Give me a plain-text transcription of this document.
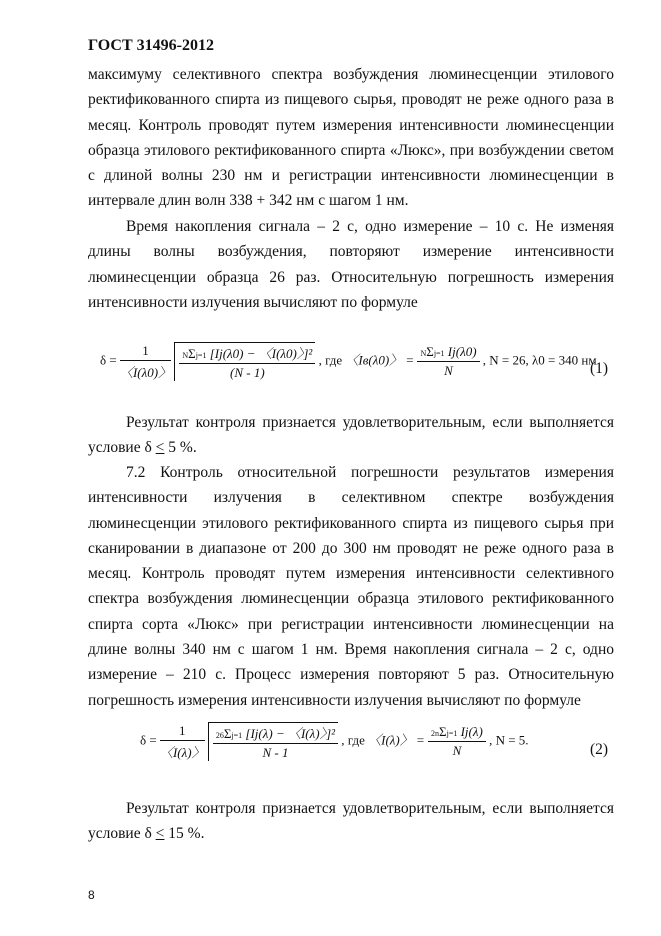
ГОСТ 31496-2012
максимуму селективного спектра возбуждения люминесценции этилового ректификованного спирта из пищевого сырья, проводят не реже одного раза в месяц. Контроль проводят путем измерения интенсивности люминесценции образца этилового ректификованного спирта «Люкс», при возбуждении светом с длиной волны 230 нм и регистрации интенсивности люминесценции в интервале длин волн 338 + 342 нм с шагом 1 нм.
Время накопления сигнала – 2 с, одно измерение – 10 с. Не изменяя длины волны возбуждения, повторяют измерение интенсивности люминесценции образца 26 раз. Относительную погрешность измерения интенсивности излучения вычисляют по формуле
$\delta = \frac{1}{〈I(\lambda 0)〉}$
$\frac{\text{NΣj=1 [Ij(λ0) − 〈I(λ0)〉]²}}{(N - 1)}$ , где 〈Iв(λ0)〉 = $\frac{\text{NΣj=1 Ij(λ0)}}{N}$ , N = 26, λ0 = 340 нм
(1)
Результат контроля признается удовлетворительным, если выполняется условие δ < 5 %.
7.2 Контроль относительной погрешности результатов измерения интенсивности излучения в селективном спектре возбуждения люминесценции этилового ректификованного спирта из пищевого сырья при сканировании в диапазоне от 200 до 300 нм проводят не реже одного раза в месяц. Контроль проводят путем измерения интенсивности селективного спектра возбуждения люминесценции образца этилового ректификованного спирта сорта «Люкс» при регистрации интенсивности люминесценции на длине волны 340 нм с шагом 1 нм. Время накопления сигнала – 2 с, одно измерение – 210 с. Процесс измерения повторяют 5 раз. Относительную погрешность измерения интенсивности излучения вычисляют по формуле
$\delta = \frac{1}{〈I(\lambda)〉}$
$\frac{\text{26Σj=1 [Ij(λ) − 〈I(λ)〉]²}}{N - 1}$ , где 〈I(λ)〉 = $\frac{\text{2nΣj=1 Ij(λ)}}{N}$ , N = 5.
(2)
Результат контроля признается удовлетворительным, если выполняется условие δ < 15 %.
8
